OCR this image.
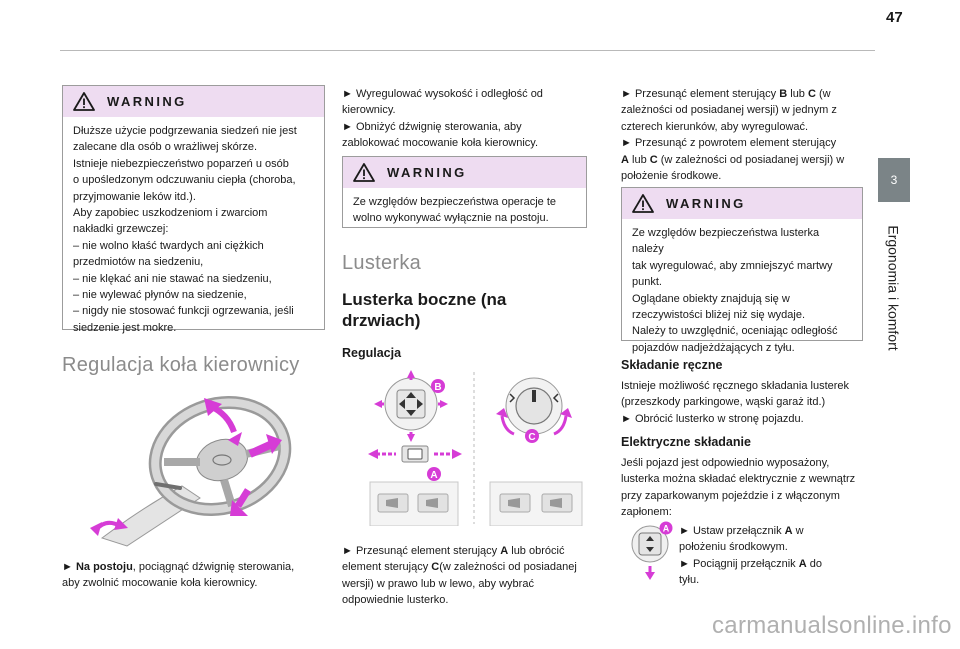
47
3
Ergonomia i komfort
WARNING

Dłuższe użycie podgrzewania siedzeń nie jest

zalecane dla osób o wrażliwej skórze.

Istnieje niebezpieczeństwo poparzeń u osób

o upośledzonym odczuwaniu ciepła (choroba,

przyjmowanie leków itd.).

Aby zapobiec uszkodzeniom i zwarciom

nakładki grzewczej:

– nie wolno kłaść twardych ani ciężkich

przedmiotów na siedzeniu,

– nie klękać ani nie stawać na siedzeniu,

– nie wylewać płynów na siedzenie,

– nigdy nie stosować funkcji ogrzewania, jeśli

siedzenie jest mokre.

Regulacja koła kierownicy

► Na postoju, pociągnąć dźwignię sterowania,

aby zwolnić mocowanie koła kierownicy.

► Wyregulować wysokość i odległość od

kierownicy.

► Obniżyć dźwignię sterowania, aby

zablokować mocowanie koła kierownicy.

WARNING

Ze względów bezpieczeństwa operacje te

wolno wykonywać wyłącznie na postoju.

Lusterka
Lusterka boczne (na
drzwiach)
Regulacja
B
A
C

► Przesunąć element sterujący A lub obrócić

element sterujący C(w zależności od posiadanej

wersji) w prawo lub w lewo, aby wybrać

odpowiednie lusterko.

► Przesunąć element sterujący B lub C (w

zależności od posiadanej wersji) w jednym z

czterech kierunków, aby wyregulować.

► Przesunąć z powrotem element sterujący

A lub C (w zależności od posiadanej wersji) w

położenie środkowe.

WARNING

Ze względów bezpieczeństwa lusterka należy

tak wyregulować, aby zmniejszyć martwy

punkt.

Oglądane obiekty znajdują się w

rzeczywistości bliżej niż się wydaje.

Należy to uwzględnić, oceniając odległość

pojazdów nadjeżdżających z tyłu.

Składanie ręczne

Istnieje możliwość ręcznego składania lusterek

(przeszkody parkingowe, wąski garaż itd.)

► Obrócić lusterko w stronę pojazdu.

Elektryczne składanie

Jeśli pojazd jest odpowiednio wyposażony,

lusterka można składać elektrycznie z wewnątrz

przy zaparkowanym pojeździe i z włączonym

zapłonem:

A ► Ustaw przełącznik A w

położeniu środkowym.

► Pociągnij przełącznik A do

tyłu.

carmanualsonline.info
